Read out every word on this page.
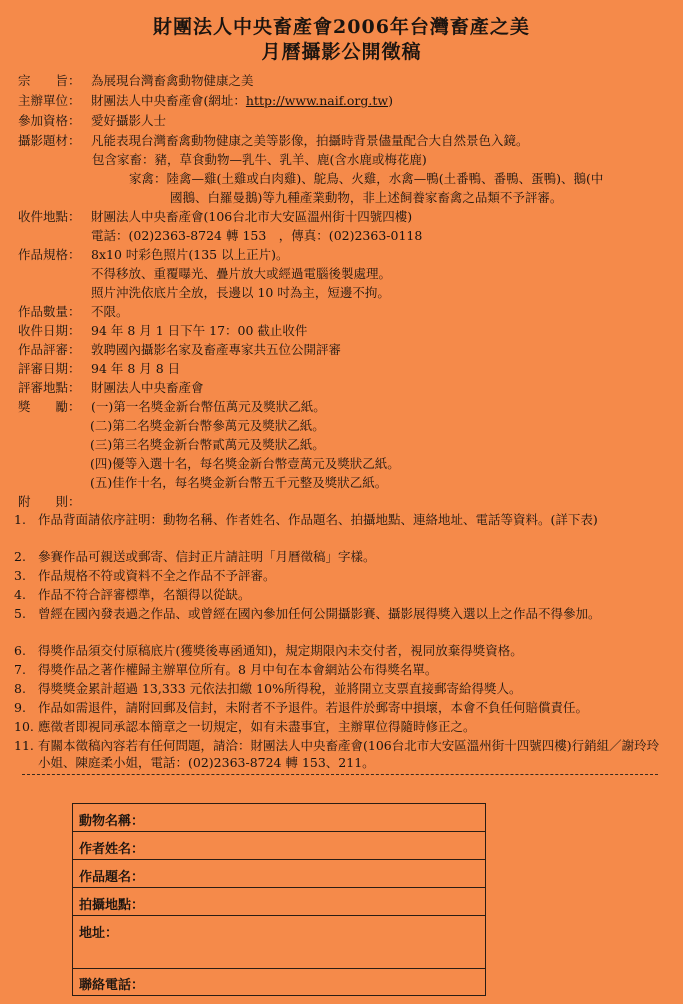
財團法人中央畜產會2006年台灣畜產之美
月曆攝影公開徵稿
宗　　旨： 為展現台灣畜禽動物健康之美
主辦單位： 財團法人中央畜產會(網址：http://www.naif.org.tw)
參加資格： 愛好攝影人士
攝影題材： 凡能表現台灣畜禽動物健康之美等影像，拍攝時背景儘量配合大自然景色入鏡。
包含家畜：豬，草食動物—乳牛、乳羊、鹿(含水鹿或梅花鹿)
家禽：陸禽—雞(土雞或白肉雞)、鴕鳥、火雞，水禽—鴨(土番鴨、番鴨、蛋鴨)、鵝(中
國鵝、白羅曼鵝)等九種產業動物，非上述飼養家畜禽之品類不予評審。
收件地點： 財團法人中央畜產會(106台北市大安區溫州街十四號四樓)
電話：(02)2363-8724 轉 153　，傳真：(02)2363-0118
作品規格： 8x10 吋彩色照片(135 以上正片)。
不得移放、重覆曝光、疊片放大或經過電腦後製處理。
照片沖洗依底片全放，長邊以 10 吋為主，短邊不拘。
作品數量： 不限。
收件日期： 94 年 8 月 1 日下午 17：00 截止收件
作品評審： 敦聘國內攝影名家及畜產專家共五位公開評審
評審日期： 94 年 8 月 8 日
評審地點： 財團法人中央畜產會
獎　　勵： (一)第一名獎金新台幣伍萬元及獎狀乙紙。
(二)第二名獎金新台幣參萬元及獎狀乙紙。
(三)第三名獎金新台幣貳萬元及獎狀乙紙。
(四)優等入選十名，每名獎金新台幣壹萬元及獎狀乙紙。
(五)佳作十名，每名獎金新台幣五千元整及獎狀乙紙。
附　　則：
1. 作品背面請依序註明：動物名稱、作者姓名、作品題名、拍攝地點、連絡地址、電話等資料。(詳下表)
2. 參賽作品可親送或郵寄、信封正片請註明「月曆徵稿」字樣。
3. 作品規格不符或資料不全之作品不予評審。
4. 作品不符合評審標準，名額得以從缺。
5. 曾經在國內發表過之作品、或曾經在國內參加任何公開攝影賽、攝影展得獎入選以上之作品不得參加。
6. 得獎作品須交付原稿底片(獲獎後專函通知)，規定期限內未交付者，視同放棄得獎資格。
7. 得獎作品之著作權歸主辦單位所有。8 月中旬在本會網站公布得獎名單。
8. 得獎獎金累計超過 13,333 元依法扣繳 10%所得稅，並將開立支票直接郵寄給得獎人。
9. 作品如需退件，請附回郵及信封，未附者不予退件。若退件於郵寄中損壞，本會不負任何賠償責任。
10. 應徵者即視同承認本簡章之一切規定，如有未盡事宜，主辦單位得隨時修正之。
11. 有關本徵稿內容若有任何問題，請洽：財團法人中央畜產會(106台北市大安區溫州街十四號四樓)行銷組／謝玲玲小姐、陳庭柔小姐，電話：(02)2363-8724 轉 153、211。
動物名稱：
作者姓名：
作品題名：
拍攝地點：
地址：
聯絡電話：
